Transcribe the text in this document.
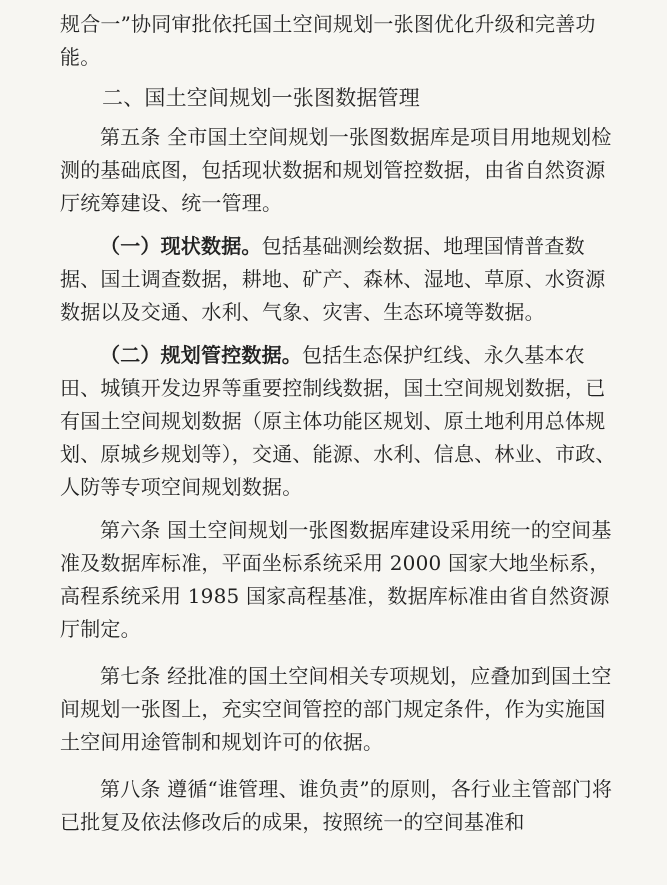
规合一”协同审批依托国土空间规划一张图优化升级和完善功能。

二、国土空间规划一张图数据管理

第五条 全市国土空间规划一张图数据库是项目用地规划检测的基础底图，包括现状数据和规划管控数据，由省自然资源厅统筹建设、统一管理。

（一）现状数据。包括基础测绘数据、地理国情普查数据、国土调查数据，耕地、矿产、森林、湿地、草原、水资源数据以及交通、水利、气象、灾害、生态环境等数据。

（二）规划管控数据。包括生态保护红线、永久基本农田、城镇开发边界等重要控制线数据，国土空间规划数据，已有国土空间规划数据（原主体功能区规划、原土地利用总体规划、原城乡规划等），交通、能源、水利、信息、林业、市政、人防等专项空间规划数据。

第六条 国土空间规划一张图数据库建设采用统一的空间基准及数据库标准，平面坐标系统采用 2000 国家大地坐标系，高程系统采用 1985 国家高程基准，数据库标准由省自然资源厅制定。

第七条 经批准的国土空间相关专项规划，应叠加到国土空间规划一张图上，充实空间管控的部门规定条件，作为实施国土空间用途管制和规划许可的依据。

第八条 遵循“谁管理、谁负责”的原则，各行业主管部门将已批复及依法修改后的成果，按照统一的空间基准和
